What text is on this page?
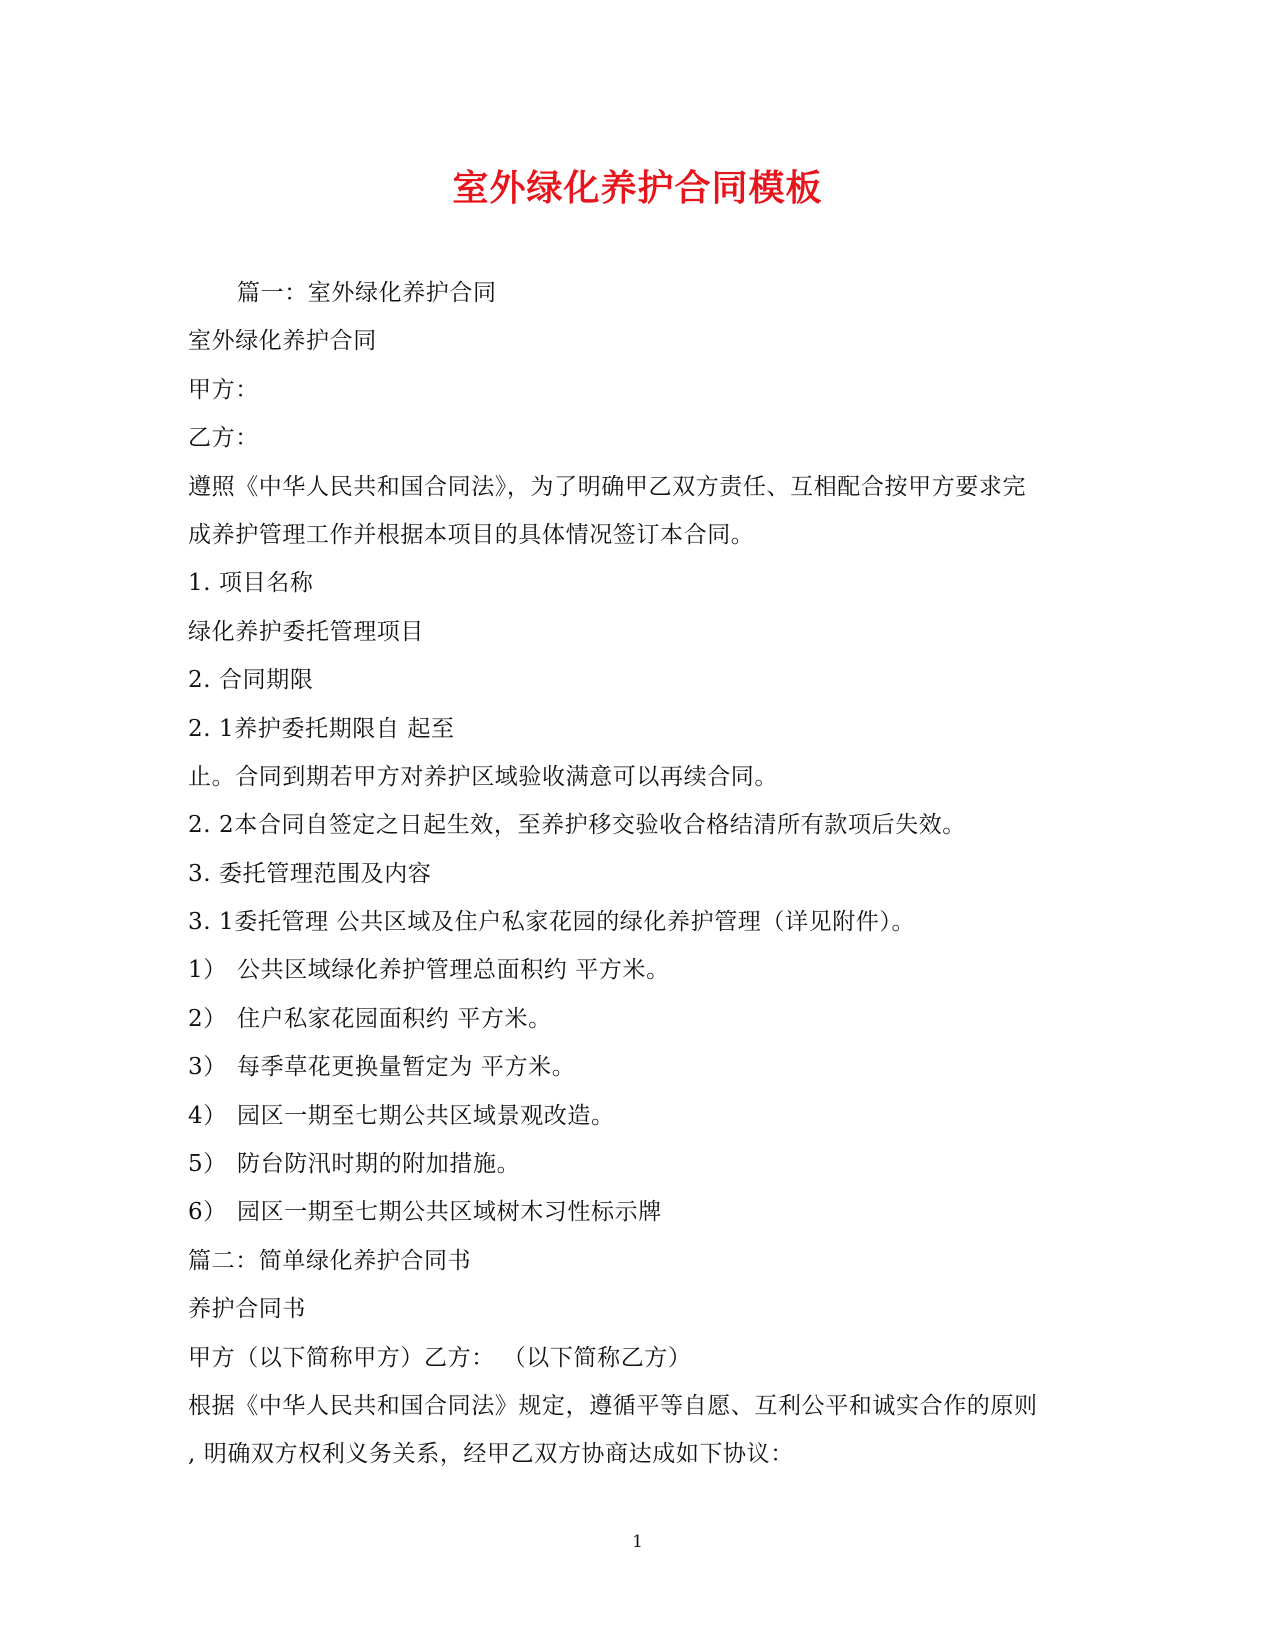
室外绿化养护合同模板
篇一：室外绿化养护合同
室外绿化养护合同
甲方：
乙方：
遵照《中华人民共和国合同法》，为了明确甲乙双方责任、互相配合按甲方要求完
成养护管理工作并根据本项目的具体情况签订本合同。
1. 项目名称
绿化养护委托管理项目
2. 合同期限
2. 1养护委托期限自 起至
止。合同到期若甲方对养护区域验收满意可以再续合同。
2. 2本合同自签定之日起生效，至养护移交验收合格结清所有款项后失效。
3. 委托管理范围及内容
3. 1委托管理 公共区域及住户私家花园的绿化养护管理（详见附件）。
1） 公共区域绿化养护管理总面积约 平方米。
2） 住户私家花园面积约 平方米。
3） 每季草花更换量暂定为 平方米。
4） 园区一期至七期公共区域景观改造。
5） 防台防汛时期的附加措施。
6） 园区一期至七期公共区域树木习性标示牌
篇二：简单绿化养护合同书
养护合同书
甲方（以下简称甲方）乙方： （以下简称乙方）
根据《中华人民共和国合同法》规定，遵循平等自愿、互利公平和诚实合作的原则
, 明确双方权利义务关系，经甲乙双方协商达成如下协议：
1
